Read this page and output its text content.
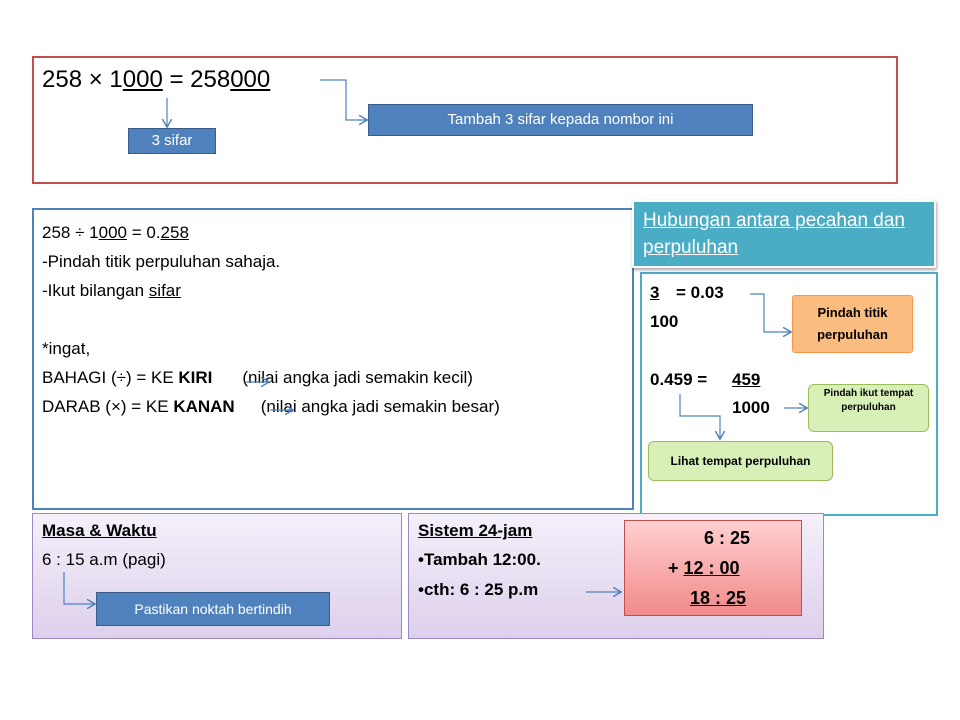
258 × 1000 = 258000
3 sifar
Tambah 3 sifar kepada nombor ini
258 ÷ 1000 = 0.258
-Pindah titik perpuluhan sahaja.
-Ikut bilangan sifar
*ingat,
BAHAGI (÷) = KE KIRI (nilai angka jadi semakin kecil)
DARAB (×) = KE KANAN (nilai angka jadi semakin besar)
Hubungan antara pecahan dan perpuluhan
3 = 0.03
100	Pindah titik perpuluhan
0.459 = 459
1000
Pindah ikut tempat perpuluhan
Lihat tempat perpuluhan
Masa & Waktu
6 : 15 a.m (pagi)
Pastikan noktah bertindih
Sistem 24-jam
•Tambah 12:00.
•cth: 6 : 25 p.m
6 : 25
+ 12 : 00
18 : 25
